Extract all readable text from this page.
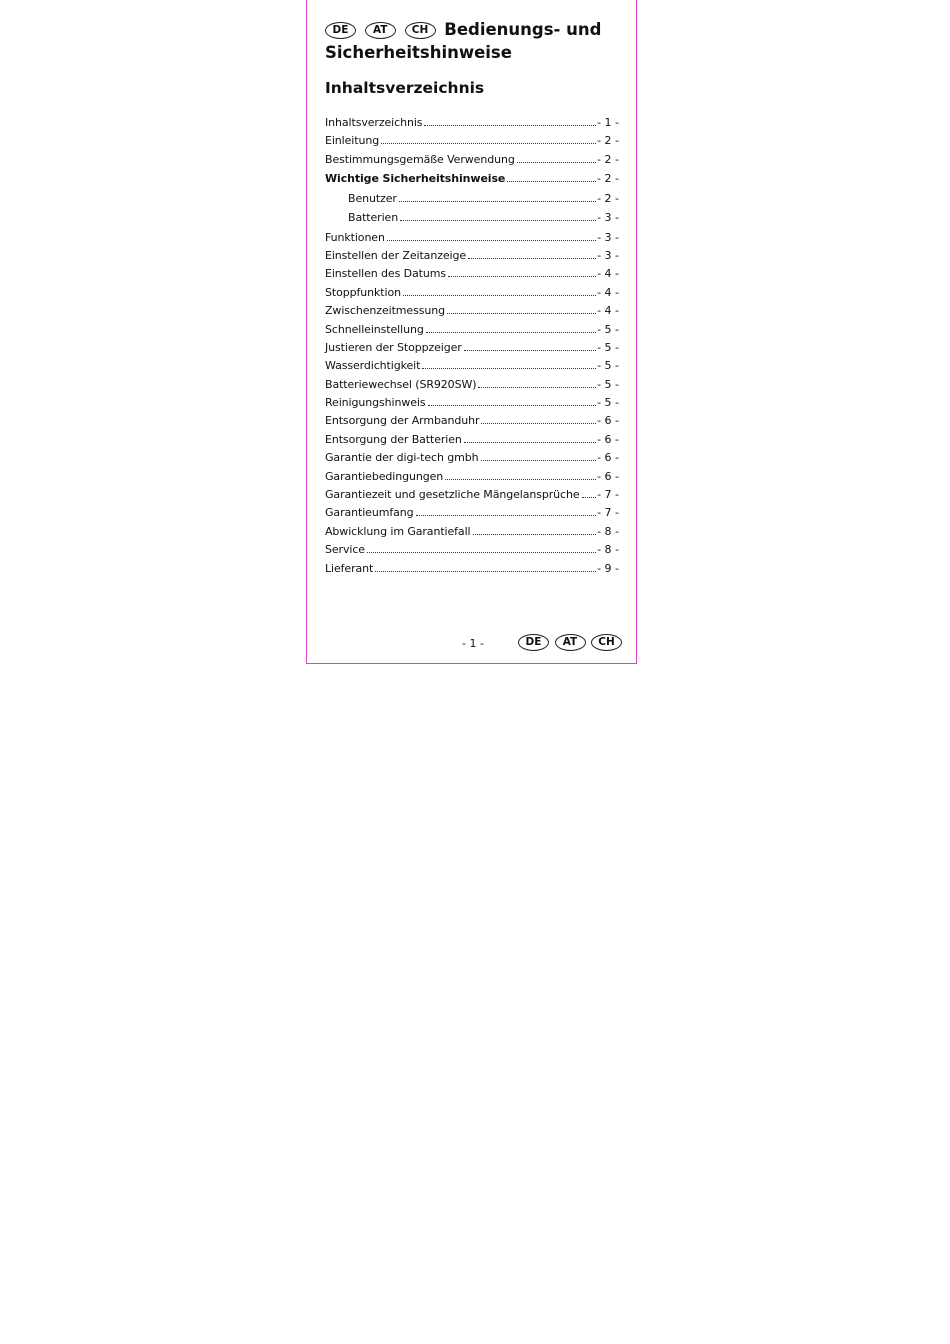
DE AT CH Bedienungs- und Sicherheitshinweise
Inhaltsverzeichnis
Inhaltsverzeichnis	- 1 -
Einleitung	- 2 -
Bestimmungsgemäße Verwendung	- 2 -
Wichtige Sicherheitshinweise	- 2 -
Benutzer	- 2 -
Batterien	- 3 -
Funktionen	- 3 -
Einstellen der Zeitanzeige	- 3 -
Einstellen des Datums	- 4 -
Stoppfunktion	- 4 -
Zwischenzeitmessung	- 4 -
Schnelleinstellung	- 5 -
Justieren der Stoppzeiger	- 5 -
Wasserdichtigkeit	- 5 -
Batteriewechsel (SR920SW)	- 5 -
Reinigungshinweis	- 5 -
Entsorgung der Armbanduhr	- 6 -
Entsorgung der Batterien	- 6 -
Garantie der digi-tech gmbh	- 6 -
Garantiebedingungen	- 6 -
Garantiezeit und gesetzliche Mängelansprüche - 7 -
Garantieumfang	- 7 -
Abwicklung im Garantiefall	- 8 -
Service	- 8 -
Lieferant	- 9 -
- 1 -	DE AT CH
